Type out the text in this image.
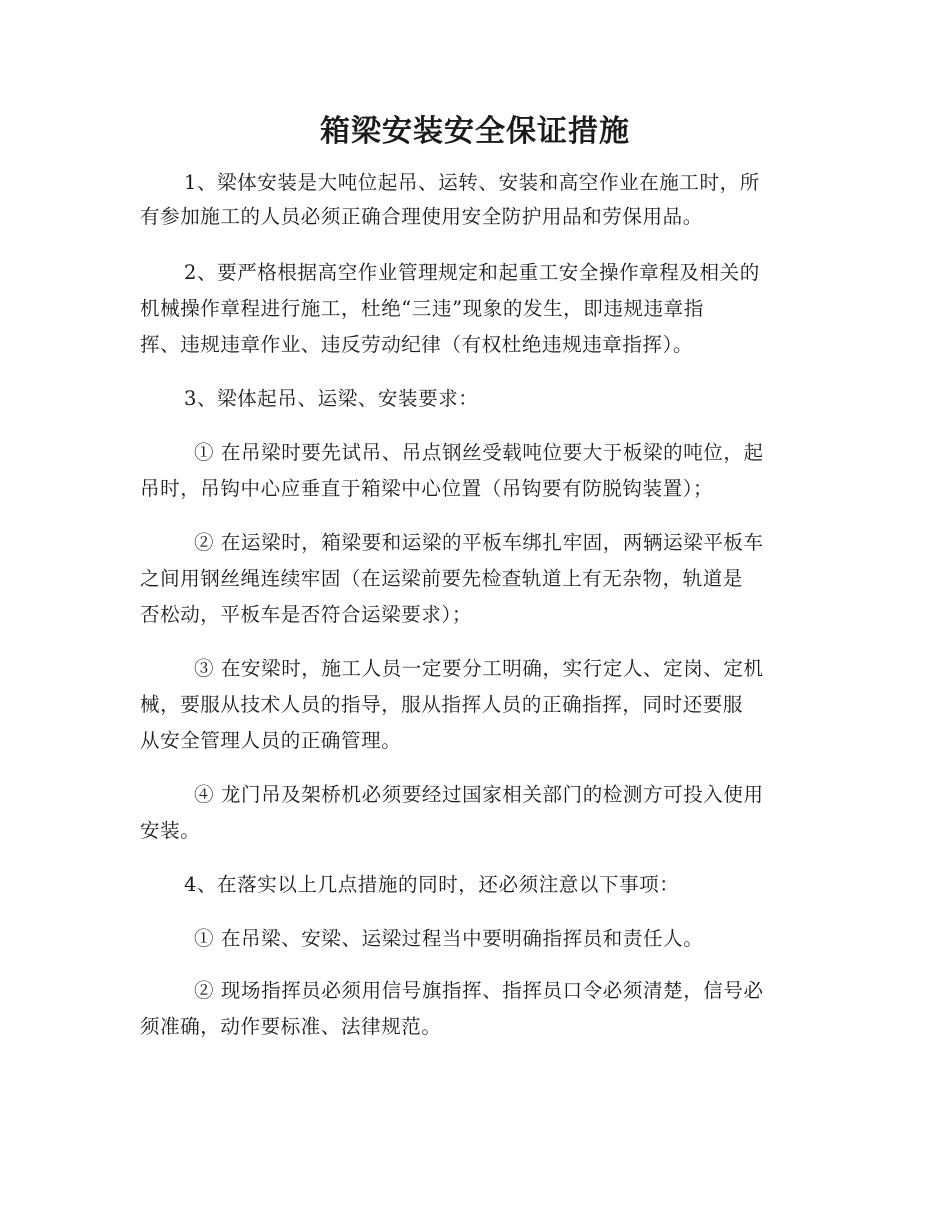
箱梁安装安全保证措施
1、梁体安装是大吨位起吊、运转、安装和高空作业在施工时，所
有参加施工的人员必须正确合理使用安全防护用品和劳保用品。
2、要严格根据高空作业管理规定和起重工安全操作章程及相关的
机械操作章程进行施工，杜绝“三违”现象的发生，即违规违章指
挥、违规违章作业、违反劳动纪律（有权杜绝违规违章指挥）。
3、梁体起吊、运梁、安装要求：
① 在吊梁时要先试吊、吊点钢丝受载吨位要大于板梁的吨位，起
吊时，吊钩中心应垂直于箱梁中心位置（吊钩要有防脱钩装置）；
② 在运梁时，箱梁要和运梁的平板车绑扎牢固，两辆运梁平板车
之间用钢丝绳连续牢固（在运梁前要先检查轨道上有无杂物，轨道是
否松动，平板车是否符合运梁要求）；
③ 在安梁时，施工人员一定要分工明确，实行定人、定岗、定机
械，要服从技术人员的指导，服从指挥人员的正确指挥，同时还要服
从安全管理人员的正确管理。
④ 龙门吊及架桥机必须要经过国家相关部门的检测方可投入使用
安装。
4、在落实以上几点措施的同时，还必须注意以下事项：
① 在吊梁、安梁、运梁过程当中要明确指挥员和责任人。
② 现场指挥员必须用信号旗指挥、指挥员口令必须清楚，信号必
须准确，动作要标准、法律规范。
